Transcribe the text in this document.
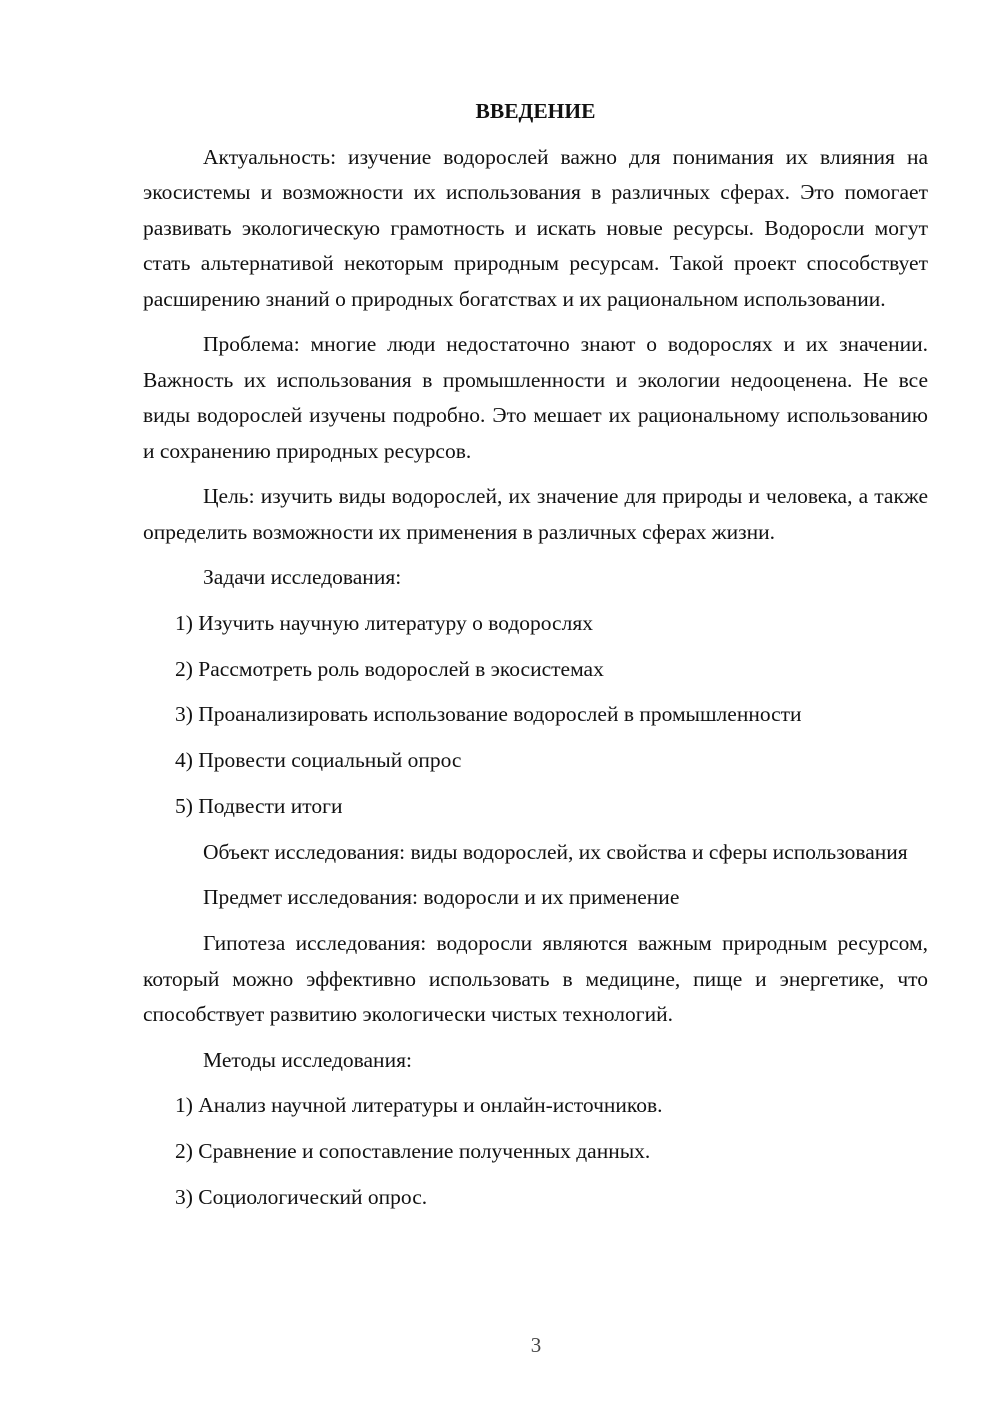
ВВЕДЕНИЕ

Актуальность: изучение водорослей важно для понимания их влияния на экосистемы и возможности их использования в различных сферах. Это помогает развивать экологическую грамотность и искать новые ресурсы. Водоросли могут стать альтернативой некоторым природным ресурсам. Такой проект способствует расширению знаний о природных богатствах и их рациональном использовании.

Проблема: многие люди недостаточно знают о водорослях и их значении. Важность их использования в промышленности и экологии недооценена. Не все виды водорослей изучены подробно. Это мешает их рациональному использованию и сохранению природных ресурсов.

Цель: изучить виды водорослей, их значение для природы и человека, а также определить возможности их применения в различных сферах жизни.

Задачи исследования:

1) Изучить научную литературу о водорослях

2) Рассмотреть роль водорослей в экосистемах

3) Проанализировать использование водорослей в промышленности

4) Провести социальный опрос

5) Подвести итоги

Объект исследования: виды водорослей, их свойства и сферы использования

Предмет исследования: водоросли и их применение

Гипотеза исследования: водоросли являются важным природным ресурсом, который можно эффективно использовать в медицине, пище и энергетике, что способствует развитию экологически чистых технологий.

Методы исследования:

1) Анализ научной литературы и онлайн-источников.

2) Сравнение и сопоставление полученных данных.

3) Социологический опрос.

3
